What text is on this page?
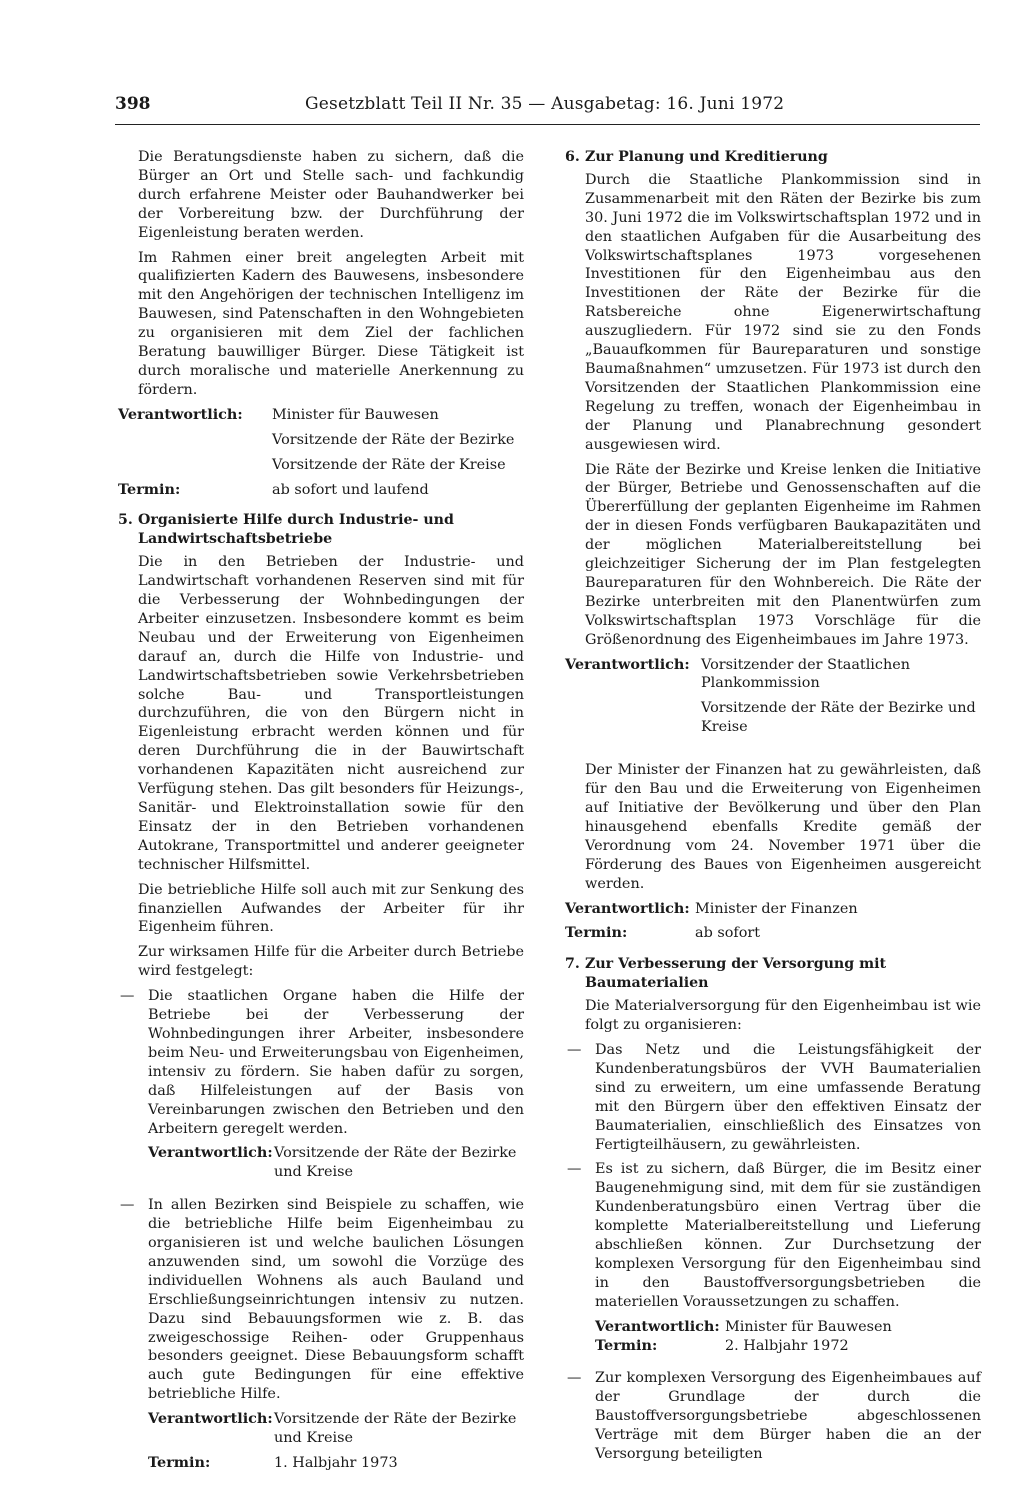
398	Gesetzblatt Teil II Nr. 35 — Ausgabetag: 16. Juni 1972

Die Beratungsdienste haben zu sichern, daß die Bürger an Ort und Stelle sach- und fachkundig durch erfahrene Meister oder Bauhandwerker bei der Vorbereitung bzw. der Durchführung der Eigenleistung beraten werden.

Im Rahmen einer breit angelegten Arbeit mit qualifizierten Kadern des Bauwesens, insbesondere mit den Angehörigen der technischen Intelligenz im Bauwesen, sind Patenschaften in den Wohngebieten zu organisieren mit dem Ziel der fachlichen Beratung bauwilliger Bürger. Diese Tätigkeit ist durch moralische und materielle Anerkennung zu fördern.

Verantwortlich:	Minister für Bauwesen
Vorsitzende der Räte der Bezirke
Vorsitzende der Räte der Kreise
Termin:	ab sofort und laufend
5. Organisierte Hilfe durch Industrie- und Landwirtschaftsbetriebe

Die in den Betrieben der Industrie- und Landwirtschaft vorhandenen Reserven sind mit für die Verbesserung der Wohnbedingungen der Arbeiter einzusetzen. Insbesondere kommt es beim Neubau und der Erweiterung von Eigenheimen darauf an, durch die Hilfe von Industrie- und Landwirtschaftsbetrieben sowie Verkehrsbetrieben solche Bau- und Transportleistungen durchzuführen, die von den Bürgern nicht in Eigenleistung erbracht werden können und für deren Durchführung die in der Bauwirtschaft vorhandenen Kapazitäten nicht ausreichend zur Verfügung stehen. Das gilt besonders für Heizungs-, Sanitär- und Elektroinstallation sowie für den Einsatz der in den Betrieben vorhandenen Autokrane, Transportmittel und anderer geeigneter technischer Hilfsmittel.

Die betriebliche Hilfe soll auch mit zur Senkung des finanziellen Aufwandes der Arbeiter für ihr Eigenheim führen.

Zur wirksamen Hilfe für die Arbeiter durch Betriebe wird festgelegt:

— Die staatlichen Organe haben die Hilfe der Betriebe bei der Verbesserung der Wohnbedingungen ihrer Arbeiter, insbesondere beim Neu- und Erweiterungsbau von Eigenheimen, intensiv zu fördern. Sie haben dafür zu sorgen, daß Hilfeleistungen auf der Basis von Vereinbarungen zwischen den Betrieben und den Arbeitern geregelt werden.
Verantwortlich: Vorsitzende der Räte der Bezirke
und Kreise
— In allen Bezirken sind Beispiele zu schaffen, wie die betriebliche Hilfe beim Eigenheimbau zu organisieren ist und welche baulichen Lösungen anzuwenden sind, um sowohl die Vorzüge des individuellen Wohnens als auch Bauland und Erschließungseinrichtungen intensiv zu nutzen. Dazu sind Bebauungsformen wie z. B. das zweigeschossige Reihen- oder Gruppenhaus besonders geeignet. Diese Bebauungsform schafft auch gute Bedingungen für eine effektive betriebliche Hilfe.
Verantwortlich: Vorsitzende der Räte der Bezirke
und Kreise
Termin:	1. Halbjahr 1973
6. Zur Planung und Kreditierung

Durch die Staatliche Plankommission sind in Zusammenarbeit mit den Räten der Bezirke bis zum 30. Juni 1972 die im Volkswirtschaftsplan 1972 und in den staatlichen Aufgaben für die Ausarbeitung des Volkswirtschaftsplanes 1973 vorgesehenen Investitionen für den Eigenheimbau aus den Investitionen der Räte der Bezirke für die Ratsbereiche ohne Eigenerwirtschaftung auszugliedern. Für 1972 sind sie zu den Fonds „Bauaufkommen für Baureparaturen und sonstige Baumaßnahmen“ umzusetzen. Für 1973 ist durch den Vorsitzenden der Staatlichen Plankommission eine Regelung zu treffen, wonach der Eigenheimbau in der Planung und Planabrechnung gesondert ausgewiesen wird.

Die Räte der Bezirke und Kreise lenken die Initiative der Bürger, Betriebe und Genossenschaften auf die Übererfüllung der geplanten Eigenheime im Rahmen der in diesen Fonds verfügbaren Baukapazitäten und der möglichen Materialbereitstellung bei gleichzeitiger Sicherung der im Plan festgelegten Baureparaturen für den Wohnbereich. Die Räte der Bezirke unterbreiten mit den Planentwürfen zum Volkswirtschaftsplan 1973 Vorschläge für die Größenordnung des Eigenheimbaues im Jahre 1973.

Verantwortlich: Vorsitzender der Staatlichen Plankommission
Vorsitzende der Räte der Bezirke und Kreise

Der Minister der Finanzen hat zu gewährleisten, daß für den Bau und die Erweiterung von Eigenheimen auf Initiative der Bevölkerung und über den Plan hinausgehend ebenfalls Kredite gemäß der Verordnung vom 24. November 1971 über die Förderung des Baues von Eigenheimen ausgereicht werden.

Verantwortlich: Minister der Finanzen
Termin:	ab sofort
7. Zur Verbesserung der Versorgung mit Baumaterialien

Die Materialversorgung für den Eigenheimbau ist wie folgt zu organisieren:

— Das Netz und die Leistungsfähigkeit der Kundenberatungsbüros der VVH Baumaterialien sind zu erweitern, um eine umfassende Beratung mit den Bürgern über den effektiven Einsatz der Baumaterialien, einschließlich des Einsatzes von Fertigteilhäusern, zu gewährleisten.
— Es ist zu sichern, daß Bürger, die im Besitz einer Baugenehmigung sind, mit dem für sie zuständigen Kundenberatungsbüro einen Vertrag über die komplette Materialbereitstellung und Lieferung abschließen können. Zur Durchsetzung der komplexen Versorgung für den Eigenheimbau sind in den Baustoffversorgungsbetrieben die materiellen Voraussetzungen zu schaffen.
Verantwortlich: Minister für Bauwesen
Termin:	2. Halbjahr 1972
— Zur komplexen Versorgung des Eigenheimbaues auf der Grundlage der durch die Baustoffversorgungsbetriebe abgeschlossenen Verträge mit dem Bürger haben die an der Versorgung beteiligten
